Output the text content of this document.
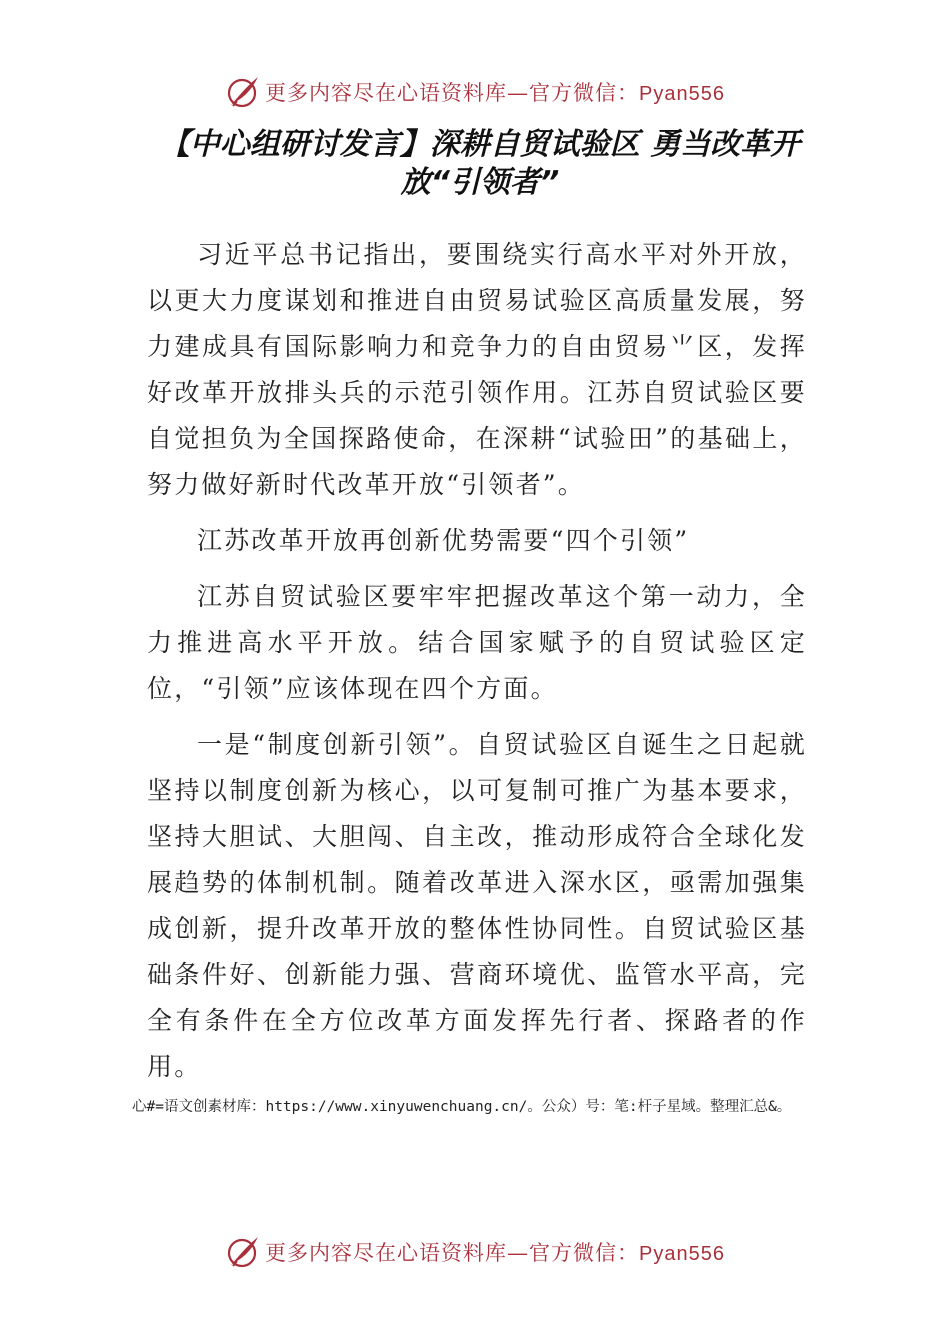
更多内容尽在心语资料库—官方微信：Pyan556
【中心组研讨发言】深耕自贸试验区 勇当改革开放“引领者”

习近平总书记指出，要围绕实行高水平对外开放，以更大力度谋划和推进自由贸易试验区高质量发展，努力建成具有国际影响力和竞争力的自由贸易⺌区，发挥好改革开放排头兵的示范引领作用。江苏自贸试验区要自觉担负为全国探路使命，在深耕“试验田”的基础上，努力做好新时代改革开放“引领者”。

江苏改革开放再创新优势需要“四个引领”

江苏自贸试验区要牢牢把握改革这个第一动力，全力推进高水平开放。结合国家赋予的自贸试验区定位，“引领”应该体现在四个方面。

一是“制度创新引领”。自贸试验区自诞生之日起就坚持以制度创新为核心，以可复制可推广为基本要求，坚持大胆试、大胆闯、自主改，推动形成符合全球化发展趋势的体制机制。随着改革进入深水区，亟需加强集成创新，提升改革开放的整体性协同性。自贸试验区基础条件好、创新能力强、营商环境优、监管水平高，完全有条件在全方位改革方面发挥先行者、探路者的作用。

心#=语文创素材库：https://www.xinyuwenchuang.cn/。公众）号：笔:杆子星域。整理汇总&。
更多内容尽在心语资料库—官方微信：Pyan556
